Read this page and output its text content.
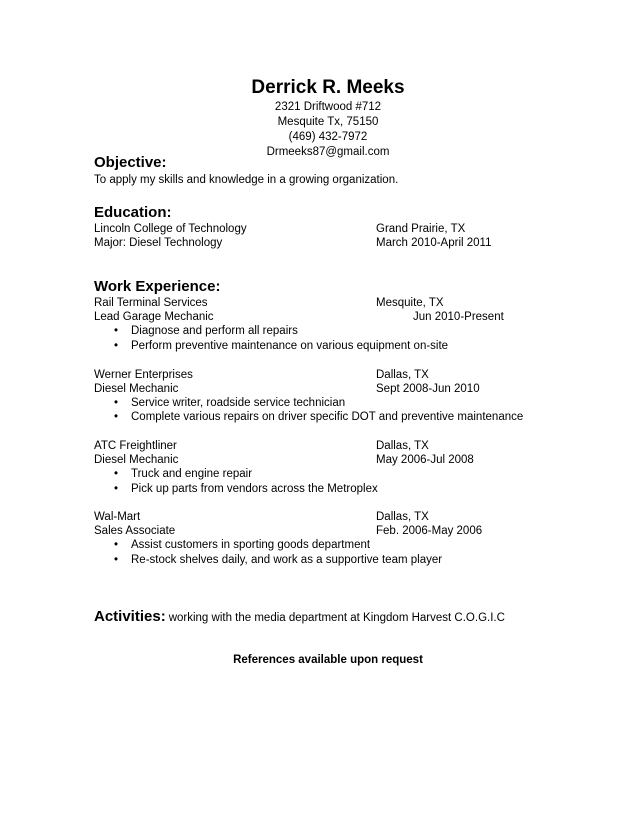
Derrick R. Meeks
2321 Driftwood #712
Mesquite Tx, 75150
(469) 432-7972
Drmeeks87@gmail.com
Objective:
To apply my skills and knowledge in a growing organization.
Education:
Lincoln College of Technology	Grand Prairie, TX
Major: Diesel Technology	March 2010-April 2011
Work Experience:
Rail Terminal Services	Mesquite, TX
Lead Garage Mechanic	Jun 2010-Present
• Diagnose and perform all repairs
• Perform preventive maintenance on various equipment on-site
Werner Enterprises	Dallas, TX
Diesel Mechanic	Sept 2008-Jun 2010
• Service writer, roadside service technician
• Complete various repairs on driver specific DOT and preventive maintenance
ATC Freightliner	Dallas, TX
Diesel Mechanic	May 2006-Jul 2008
• Truck and engine repair
• Pick up parts from vendors across the Metroplex
Wal-Mart	Dallas, TX
Sales Associate	Feb. 2006-May 2006
• Assist customers in sporting goods department
• Re-stock shelves daily, and work as a supportive team player
Activities: working with the media department at Kingdom Harvest C.O.G.I.C
References available upon request
